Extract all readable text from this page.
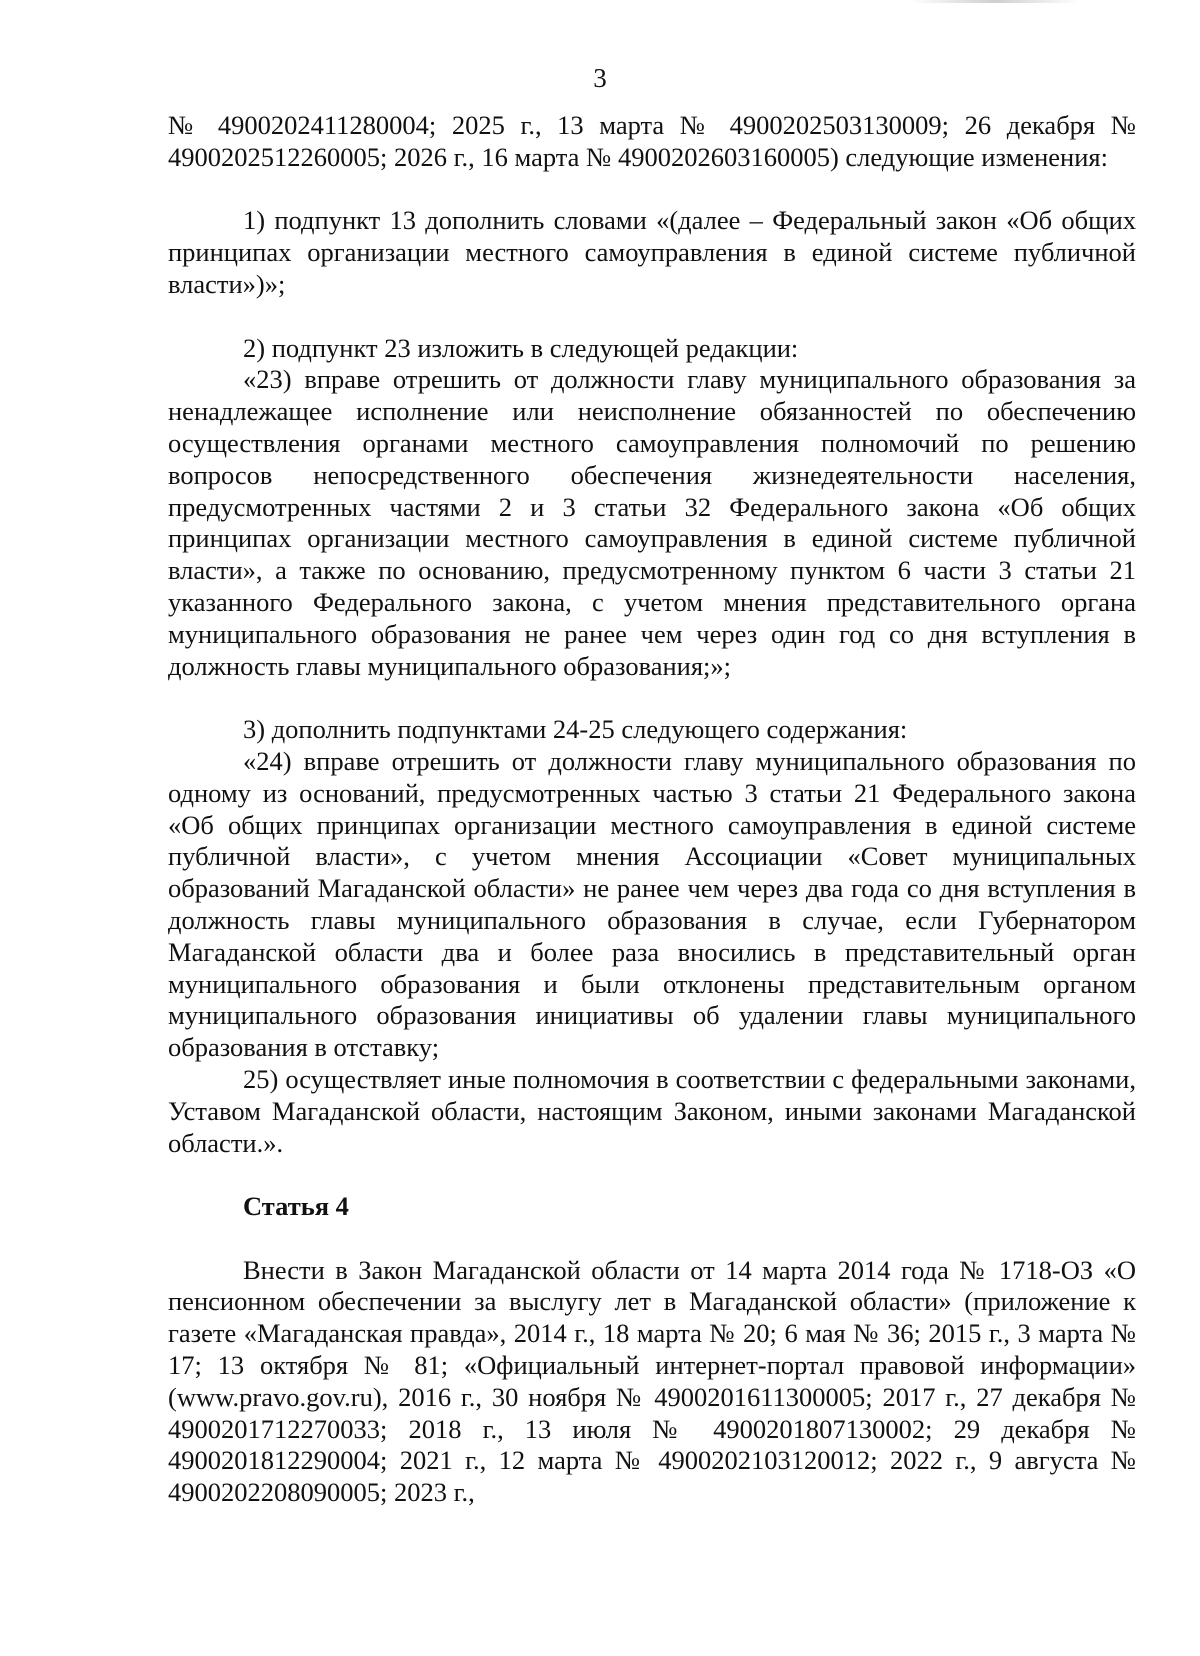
3

№ 4900202411280004; 2025 г., 13 марта № 4900202503130009; 26 декабря № 4900202512260005; 2026 г., 16 марта № 4900202603160005) следующие изменения:

1) подпункт 13 дополнить словами «(далее – Федеральный закон «Об общих принципах организации местного самоуправления в единой системе публичной власти»)»;

2) подпункт 23 изложить в следующей редакции:

«23) вправе отрешить от должности главу муниципального образования за ненадлежащее исполнение или неисполнение обязанностей по обеспечению осуществления органами местного самоуправления полномочий по решению вопросов непосредственного обеспечения жизнедеятельности населения, предусмотренных частями 2 и 3 статьи 32 Федерального закона «Об общих принципах организации местного самоуправления в единой системе публичной власти», а также по основанию, предусмотренному пунктом 6 части 3 статьи 21 указанного Федерального закона, с учетом мнения представительного органа муниципального образования не ранее чем через один год со дня вступления в должность главы муниципального образования;»;

3) дополнить подпунктами 24-25 следующего содержания:

«24) вправе отрешить от должности главу муниципального образования по одному из оснований, предусмотренных частью 3 статьи 21 Федерального закона «Об общих принципах организации местного самоуправления в единой системе публичной власти», с учетом мнения Ассоциации «Совет муниципальных образований Магаданской области» не ранее чем через два года со дня вступления в должность главы муниципального образования в случае, если Губернатором Магаданской области два и более раза вносились в представительный орган муниципального образования и были отклонены представительным органом муниципального образования инициативы об удалении главы муниципального образования в отставку;

25) осуществляет иные полномочия в соответствии с федеральными законами, Уставом Магаданской области, настоящим Законом, иными законами Магаданской области.».

Статья 4

Внести в Закон Магаданской области от 14 марта 2014 года № 1718-ОЗ «О пенсионном обеспечении за выслугу лет в Магаданской области» (приложение к газете «Магаданская правда», 2014 г., 18 марта № 20; 6 мая № 36; 2015 г., 3 марта № 17; 13 октября № 81; «Официальный интернет-портал правовой информации» (www.pravo.gov.ru), 2016 г., 30 ноября № 4900201611300005; 2017 г., 27 декабря № 4900201712270033; 2018 г., 13 июля № 4900201807130002; 29 декабря № 4900201812290004; 2021 г., 12 марта № 4900202103120012; 2022 г., 9 августа № 4900202208090005; 2023 г.,
